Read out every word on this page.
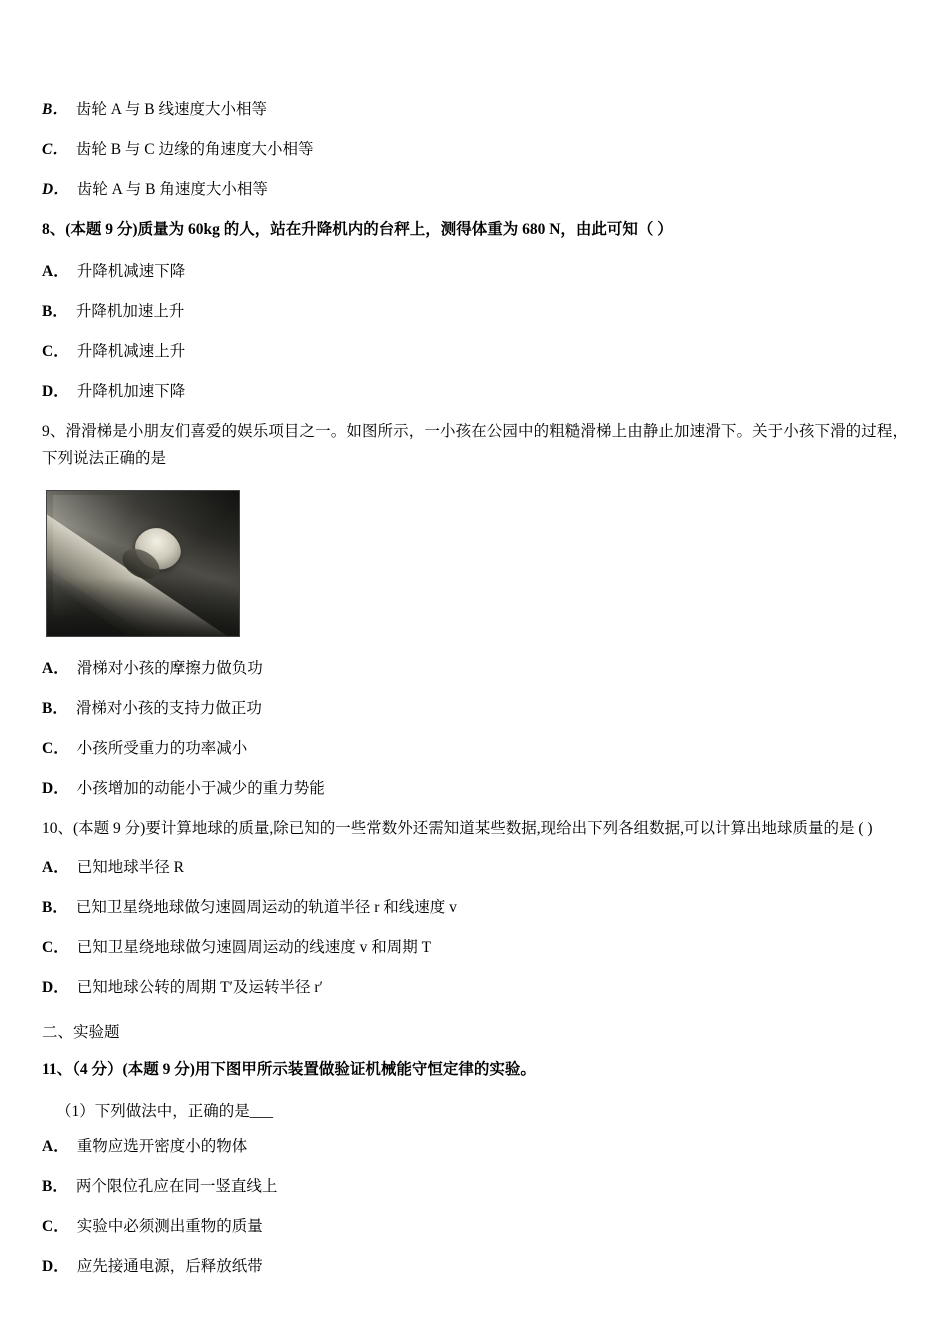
B． 齿轮 A 与 B 线速度大小相等
C． 齿轮 B 与 C 边缘的角速度大小相等
D． 齿轮 A 与 B 角速度大小相等
8、(本题 9 分)质量为 60kg 的人，站在升降机内的台秤上，测得体重为 680 N，由此可知（ ）
A． 升降机减速下降
B． 升降机加速上升
C． 升降机减速上升
D． 升降机加速下降
9、滑滑梯是小朋友们喜爱的娱乐项目之一。如图所示，一小孩在公园中的粗糙滑梯上由静止加速滑下。关于小孩下滑的过程，下列说法正确的是
A． 滑梯对小孩的摩擦力做负功
B． 滑梯对小孩的支持力做正功
C． 小孩所受重力的功率减小
D． 小孩增加的动能小于减少的重力势能
10、(本题 9 分)要计算地球的质量,除已知的一些常数外还需知道某些数据,现给出下列各组数据,可以计算出地球质量的是 ( )
A． 已知地球半径 R
B． 已知卫星绕地球做匀速圆周运动的轨道半径 r 和线速度 v
C． 已知卫星绕地球做匀速圆周运动的线速度 v 和周期 T
D． 已知地球公转的周期 T′及运转半径 r′
二、实验题
11、（4 分）(本题 9 分)用下图甲所示装置做验证机械能守恒定律的实验。
（1）下列做法中，正确的是___
A． 重物应选开密度小的物体
B． 两个限位孔应在同一竖直线上
C． 实验中必须测出重物的质量
D． 应先接通电源，后释放纸带
